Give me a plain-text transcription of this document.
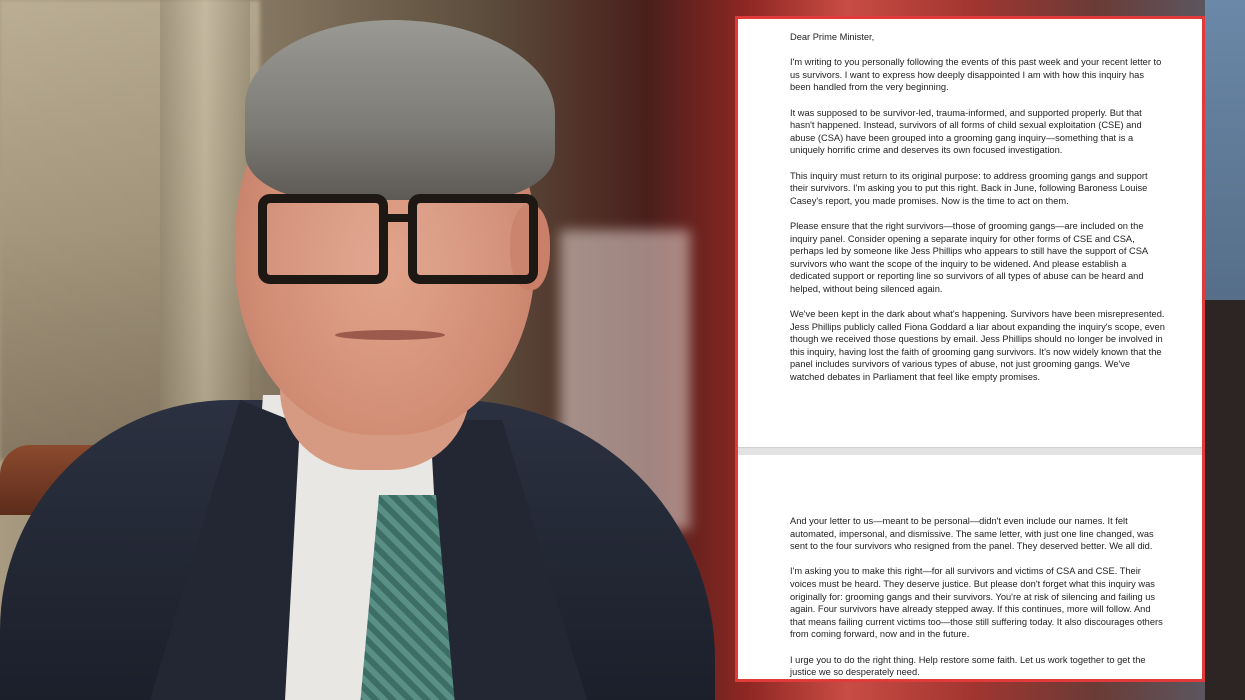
Dear Prime Minister,

I'm writing to you personally following the events of this past week and your recent letter to us survivors. I want to express how deeply disappointed I am with how this inquiry has been handled from the very beginning.

It was supposed to be survivor-led, trauma-informed, and supported properly. But that hasn't happened. Instead, survivors of all forms of child sexual exploitation (CSE) and abuse (CSA) have been grouped into a grooming gang inquiry—something that is a uniquely horrific crime and deserves its own focused investigation.

This inquiry must return to its original purpose: to address grooming gangs and support their survivors. I'm asking you to put this right. Back in June, following Baroness Louise Casey's report, you made promises. Now is the time to act on them.

Please ensure that the right survivors—those of grooming gangs—are included on the inquiry panel. Consider opening a separate inquiry for other forms of CSE and CSA, perhaps led by someone like Jess Phillips who appears to still have the support of CSA survivors who want the scope of the inquiry to be widened. And please establish a dedicated support or reporting line so survivors of all types of abuse can be heard and helped, without being silenced again.

We've been kept in the dark about what's happening. Survivors have been misrepresented. Jess Phillips publicly called Fiona Goddard a liar about expanding the inquiry's scope, even though we received those questions by email. Jess Phillips should no longer be involved in this inquiry, having lost the faith of grooming gang survivors. It's now widely known that the panel includes survivors of various types of abuse, not just grooming gangs. We've watched debates in Parliament that feel like empty promises.

And your letter to us—meant to be personal—didn't even include our names. It felt automated, impersonal, and dismissive. The same letter, with just one line changed, was sent to the four survivors who resigned from the panel. They deserved better. We all did.

I'm asking you to make this right—for all survivors and victims of CSA and CSE. Their voices must be heard. They deserve justice. But please don't forget what this inquiry was originally for: grooming gangs and their survivors. You're at risk of silencing and failing us again. Four survivors have already stepped away. If this continues, more will follow. And that means failing current victims too—those still suffering today. It also discourages others from coming forward, now and in the future.

I urge you to do the right thing. Help restore some faith. Let us work together to get the justice we so desperately need.
